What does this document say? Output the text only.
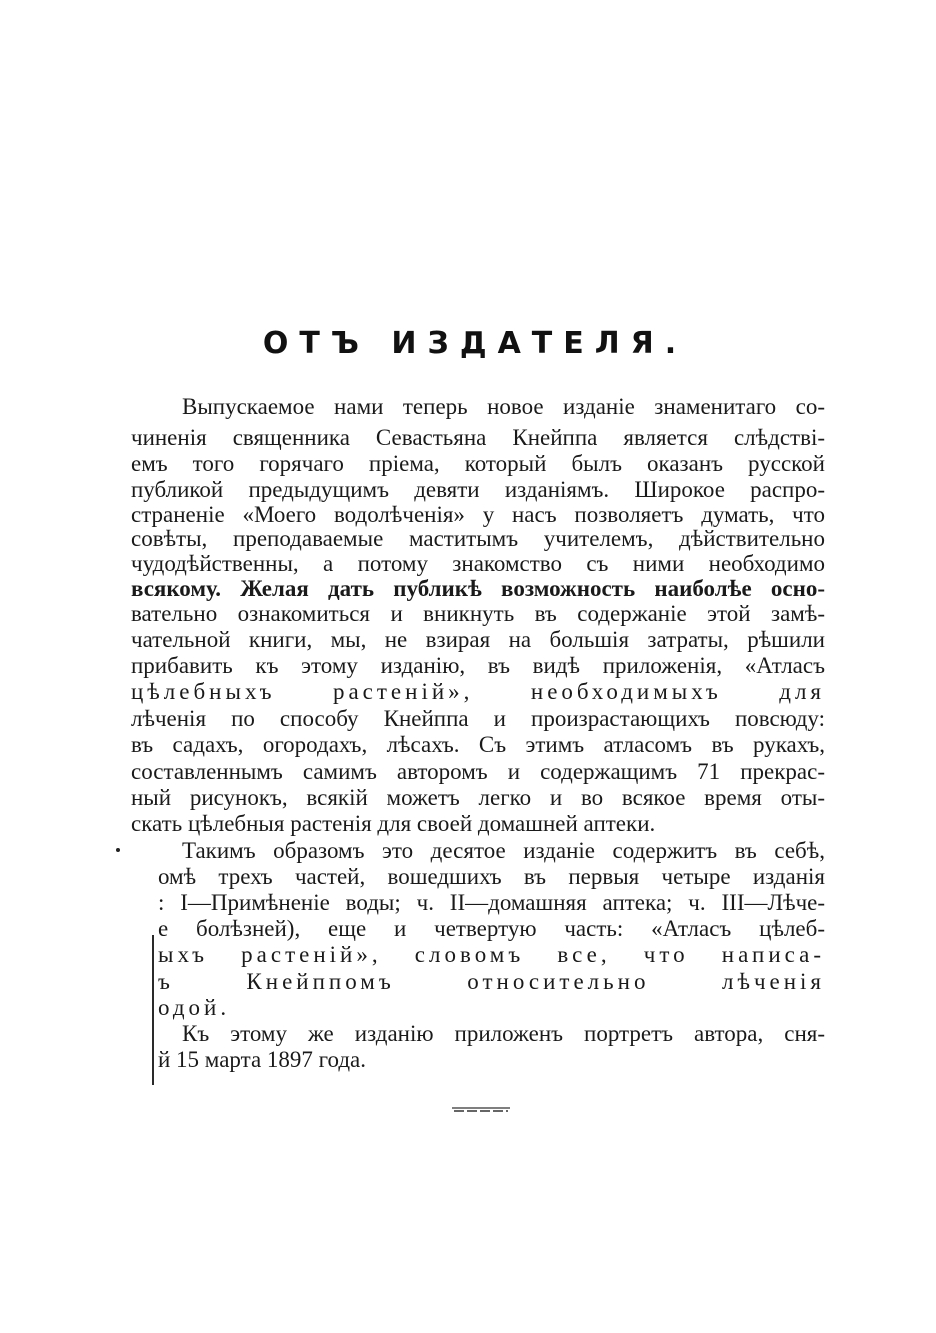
ОТЪ ИЗДАТЕЛЯ.
Выпускаемое нами теперь новое изданіе знаменитаго со-
чиненія священника Севастьяна Кнейппа является слѣдстві-
емъ того горячаго пріема, который былъ оказанъ русской
публикой предыдущимъ девяти изданіямъ. Широкое распро-
страненіе «Моего водолѣченія» у насъ позволяетъ думать, что
совѣты, преподаваемые маститымъ учителемъ, дѣйствительно
чудодѣйственны, а потому знакомство съ ними необходимо
всякому. Желая дать публикѣ возможность наиболѣе осно-
вательно ознакомиться и вникнуть въ содержаніе этой замѣ-
чательной книги, мы, не взирая на большія затраты, рѣшили
прибавить къ этому изданію, въ видѣ приложенія, «Атласъ
цѣлебныхъ растеній», необходимыхъ для
лѣченія по способу Кнейппа и произрастающихъ повсюду:
въ садахъ, огородахъ, лѣсахъ. Съ этимъ атласомъ въ рукахъ,
составленнымъ самимъ авторомъ и содержащимъ 71 прекрас-
ный рисунокъ, всякій можетъ легко и во всякое время оты-
скать цѣлебныя растенія для своей домашней аптеки.
Такимъ образомъ это десятое изданіе содержитъ въ себѣ,
омѣ трехъ частей, вошедшихъ въ первыя четыре изданія
: I—Примѣненіе воды; ч. II—домашняя аптека; ч. III—Лѣче-
е болѣзней), еще и четвертую часть: «Атласъ цѣлеб-
ыхъ растеній», словомъ все, что написа-
ъ Кнейппомъ относительно лѣченія
одой.
Къ этому же изданію приложенъ портретъ автора, сня-
й 15 марта 1897 года.
